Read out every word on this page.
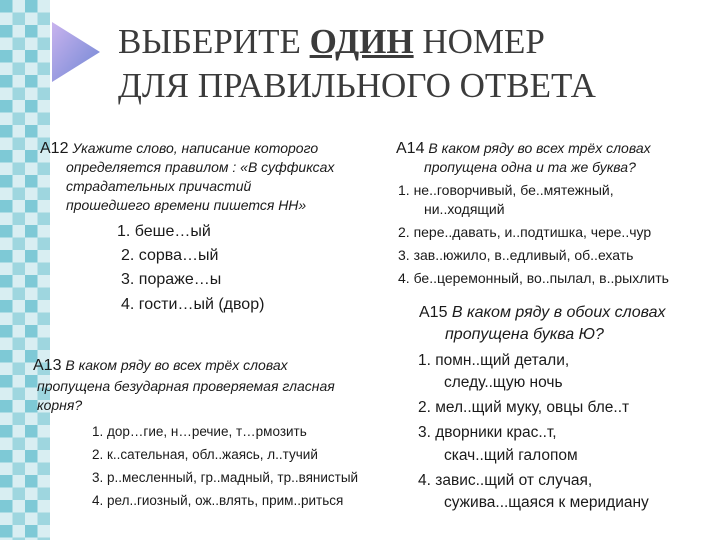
ВЫБЕРИТЕ ОДИН НОМЕР
ДЛЯ ПРАВИЛЬНОГО ОТВЕТА
А12 Укажите слово, написание которого
определяется правилом : «В суффиксах
страдательных причастий
прошедшего времени пишется НН»
1. беше…ый
2. сорва…ый
3. пораже…ы
4. гости…ый (двор)
А13 В каком ряду во всех трёх словах
пропущена безударная проверяемая гласная
корня?
1. дор…гие, н…речие, т…рмозить
2. к..сательная, обл..жаясь, л..тучий
3. р..месленный, гр..мадный, тр..вянистый
4. рел..гиозный, ож..влять, прим..риться
А14 В каком ряду во всех трёх словах
пропущена одна и та же буква?
1. не..говорчивый, бе..мятежный,
ни..ходящий
2. пере..давать, и..подтишка, чере..чур
3. зав..южило, в..едливый, об..ехать
4. бе..церемонный, во..пылал, в..рыхлить
А15 В каком ряду в обоих словах
пропущена буква Ю?
1. помн..щий детали,
следу..щую ночь
2. мел..щий муку, овцы бле..т
3. дворники крас..т,
скач..щий галопом
4. завис..щий от случая,
сужива...щаяся к меридиану
